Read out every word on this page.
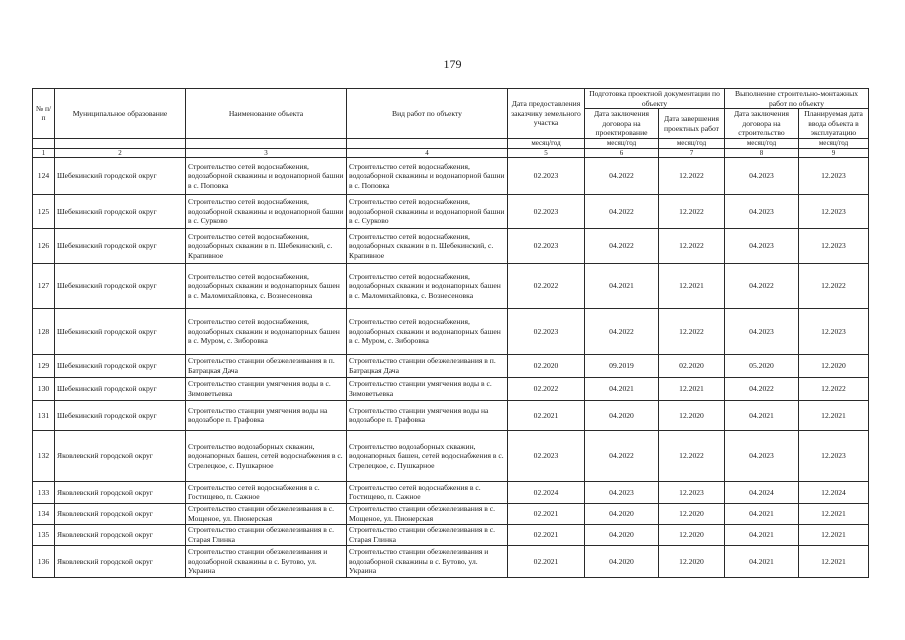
179
№ п/п	Муниципальное образование	Наименование объекта	Вид работ по объекту	Дата предоставления заказчику земельного участка	Подготовка проектной документации по объекту		Выполнение строительно-монтажных работ по объекту	
					Дата заключения договора на проектирование	Дата завершения проектных работ	Дата заключения договора на строительство	Планируемая дата ввода объекта в эксплуатацию
				месяц/год	месяц/год	месяц/год	месяц/год	месяц/год
1	2	3	4	5	6	7	8	9
124	Шебекинский городской округ	Строительство сетей водоснабжения, водозаборной скважины и водонапорной башни в с. Поповка	Строительство сетей водоснабжения, водозаборной скважины и водонапорной башни в с. Поповка	02.2023	04.2022	12.2022	04.2023	12.2023
125	Шебекинский городской округ	Строительство сетей водоснабжения, водозаборной скважины и водонапорной башни в с. Сурково	Строительство сетей водоснабжения, водозаборной скважины и водонапорной башни в с. Сурково	02.2023	04.2022	12.2022	04.2023	12.2023
126	Шебекинский городской округ	Строительство сетей водоснабжения, водозаборных скважин в п. Шебекинский, с. Крапивное	Строительство сетей водоснабжения, водозаборных скважин в п. Шебекинский, с. Крапивное	02.2023	04.2022	12.2022	04.2023	12.2023
127	Шебекинский городской округ	Строительство сетей водоснабжения, водозаборных скважин и водонапорных башен в с. Маломихайловка, с. Вознесеновка	Строительство сетей водоснабжения, водозаборных скважин и водонапорных башен в с. Маломихайловка, с. Вознесеновка	02.2022	04.2021	12.2021	04.2022	12.2022
128	Шебекинский городской округ	Строительство сетей водоснабжения, водозаборных скважин и водонапорных башен в с. Муром, с. Зиборовка	Строительство сетей водоснабжения, водозаборных скважин и водонапорных башен в с. Муром, с. Зиборовка	02.2023	04.2022	12.2022	04.2023	12.2023
129	Шебекинский городской округ	Строительство станции обезжелезивания в п. Батрацкая Дача	Строительство станции обезжелезивания в п. Батрацкая Дача	02.2020	09.2019	02.2020	05.2020	12.2020
130	Шебекинский городской округ	Строительство станции умягчения воды в с. Зимоветьевка	Строительство станции умягчения воды в с. Зимоветьевка	02.2022	04.2021	12.2021	04.2022	12.2022
131	Шебекинский городской округ	Строительство станции умягчения воды на водозаборе п. Графовка	Строительство станции умягчения воды на водозаборе п. Графовка	02.2021	04.2020	12.2020	04.2021	12.2021
132	Яковлевский городской округ	Строительство водозаборных скважин, водонапорных башен, сетей водоснабжения в с. Стрелецкое, с. Пушкарное	Строительство водозаборных скважин, водонапорных башен, сетей водоснабжения в с. Стрелецкое, с. Пушкарное	02.2023	04.2022	12.2022	04.2023	12.2023
133	Яковлевский городской округ	Строительство сетей водоснабжения в с. Гостищево, п. Сажное	Строительство сетей водоснабжения в с. Гостищево, п. Сажное	02.2024	04.2023	12.2023	04.2024	12.2024
134	Яковлевский городской округ	Строительство станции обезжелезивания в с. Мощеное, ул. Пионерская	Строительство станции обезжелезивания в с. Мощеное, ул. Пионерская	02.2021	04.2020	12.2020	04.2021	12.2021
135	Яковлевский городской округ	Строительство станции обезжелезивания в с. Старая Глинка	Строительство станции обезжелезивания в с. Старая Глинка	02.2021	04.2020	12.2020	04.2021	12.2021
136	Яковлевский городской округ	Строительство станции обезжелезивания и водозаборной скважины в с. Бутово, ул. Украина	Строительство станции обезжелезивания и водозаборной скважины в с. Бутово, ул. Украина	02.2021	04.2020	12.2020	04.2021	12.2021
